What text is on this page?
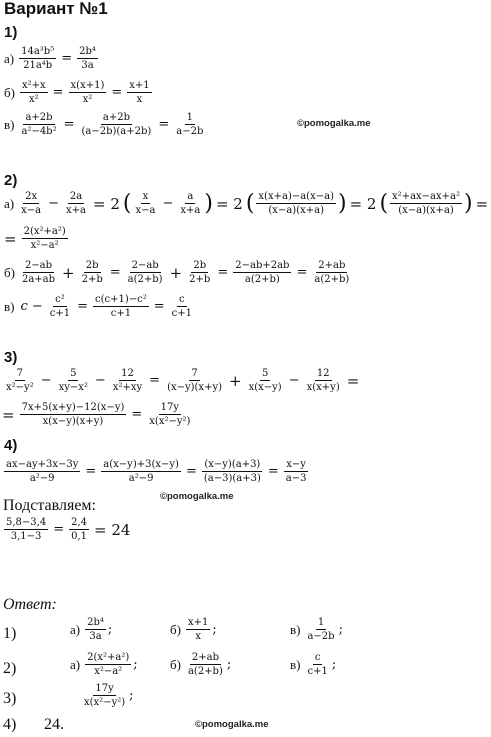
Вариант №1
1)
$а) \frac{\text{14a³b⁵}}{\text{21a⁴b}} = \frac{\text{2b⁴}}{3a}$
$б) \frac{\text{x²+x}}{\text{x²}} = \frac{x(x+1)}{\text{x²}} = \frac{x+1}{x}$
$в) \frac{a+2b}{\text{a²−4b²}} = \frac{a+2b}{(a-2b)(a+2b)} = \frac{1}{a-2b}$	©pomogalka.me
2)
$а) \frac{2x}{x-a} - \frac{2a}{x+a} = 2$ ( $\frac{x}{x-a} - \frac{a}{x+a}$ ) = 2 ( $\frac{x(x+a)-a(x-a)}{(x-a)(x+a)}$ ) = 2 ( $\frac{\text{x²+ax−ax+a²}}{(x-a)(x+a)}$ ) =
= $\frac{\text{2(x²+a²)}}{\text{x²−a²}}$
$б) \frac{2-ab}{2a+ab} + \frac{2b}{2+b} = \frac{2-ab}{a(2+b)} + \frac{2b}{2+b} = \frac{2-ab+2ab}{a(2+b)} = \frac{2+ab}{a(2+b)}$
в) $c - \frac{\text{c²}}{c+1} = \frac{\text{c(c+1)−c²}}{c+1} = \frac{c}{c+1}$
3)
$\frac{7}{\text{x²−y²}} - \frac{5}{\text{xy−x²}} - \frac{12}{\text{x²+xy}} = \frac{7}{(x-y)(x+y)} + \frac{5}{x(x-y)} - \frac{12}{x(x+y)}$ =
= $\frac{7x+5(x+y)-12(x-y)}{x(x-y)(x+y)} = \frac{17y}{\text{x(x²−y²)}}$
4)
$\frac{ax-ay+3x-3y}{\text{a²−9}} = \frac{a(x-y)+3(x-y)}{\text{a²−9}} = \frac{(x-y)(a+3)}{(a-3)(a+3)} = \frac{x-y}{a-3}$
©pomogalka.me
Подставляем:
$\frac{5,8-3,4}{3,1-3} = \frac{2,4}{0,1} = 24$
Ответ:
1)	$а) \frac{\text{2b⁴}}{3a}$ ;	$б) \frac{x+1}{x}$ ;	$в) \frac{1}{a-2b}$ ;
2)	$а) \frac{\text{2(x²+a²)}}{\text{x²−a²}}$ ; $б) \frac{2+ab}{a(2+b)}$ ;	$в) \frac{c}{c+1}$ ;
3)	$\frac{17y}{\text{x(x²−y²)}}$ ;
4) 24.	©pomogalka.me
